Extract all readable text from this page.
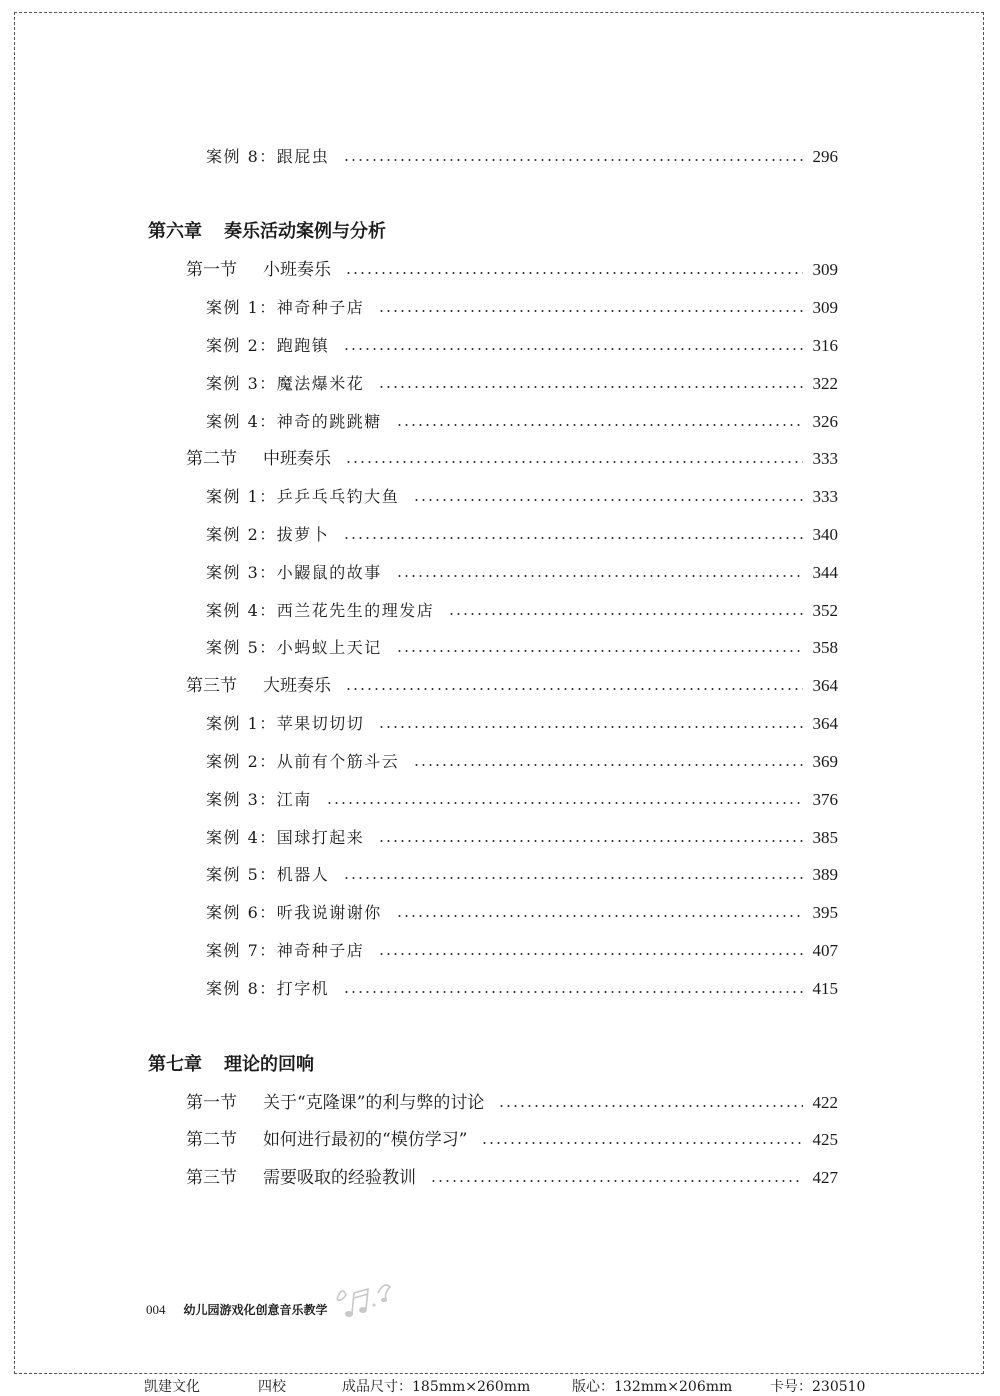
案例 8： 跟屁虫	296
第六章 奏乐活动案例与分析
第一节	小班奏乐	309
案例 1： 神奇种子店	309
案例 2： 跑跑镇	316
案例 3： 魔法爆米花	322
案例 4： 神奇的跳跳糖	326
第二节	中班奏乐	333
案例 1： 乒乒乓乓钓大鱼	333
案例 2： 拔萝卜	340
案例 3： 小鼹鼠的故事	344
案例 4： 西兰花先生的理发店	352
案例 5： 小蚂蚁上天记	358
第三节	大班奏乐	364
案例 1： 苹果切切切	364
案例 2： 从前有个筋斗云	369
案例 3： 江南	376
案例 4： 国球打起来	385
案例 5： 机器人	389
案例 6： 听我说谢谢你	395
案例 7： 神奇种子店	407
案例 8： 打字机	415
第七章 理论的回响
第一节	关于“克隆课”的利与弊的讨论	422
第二节	如何进行最初的“模仿学习”	425
第三节	需要吸取的经验教训	427
004 幼儿园游戏化创意音乐教学
凯建文化	四校	成品尺寸：185mm×260mm	版心：132mm×206mm	卡号：230510
